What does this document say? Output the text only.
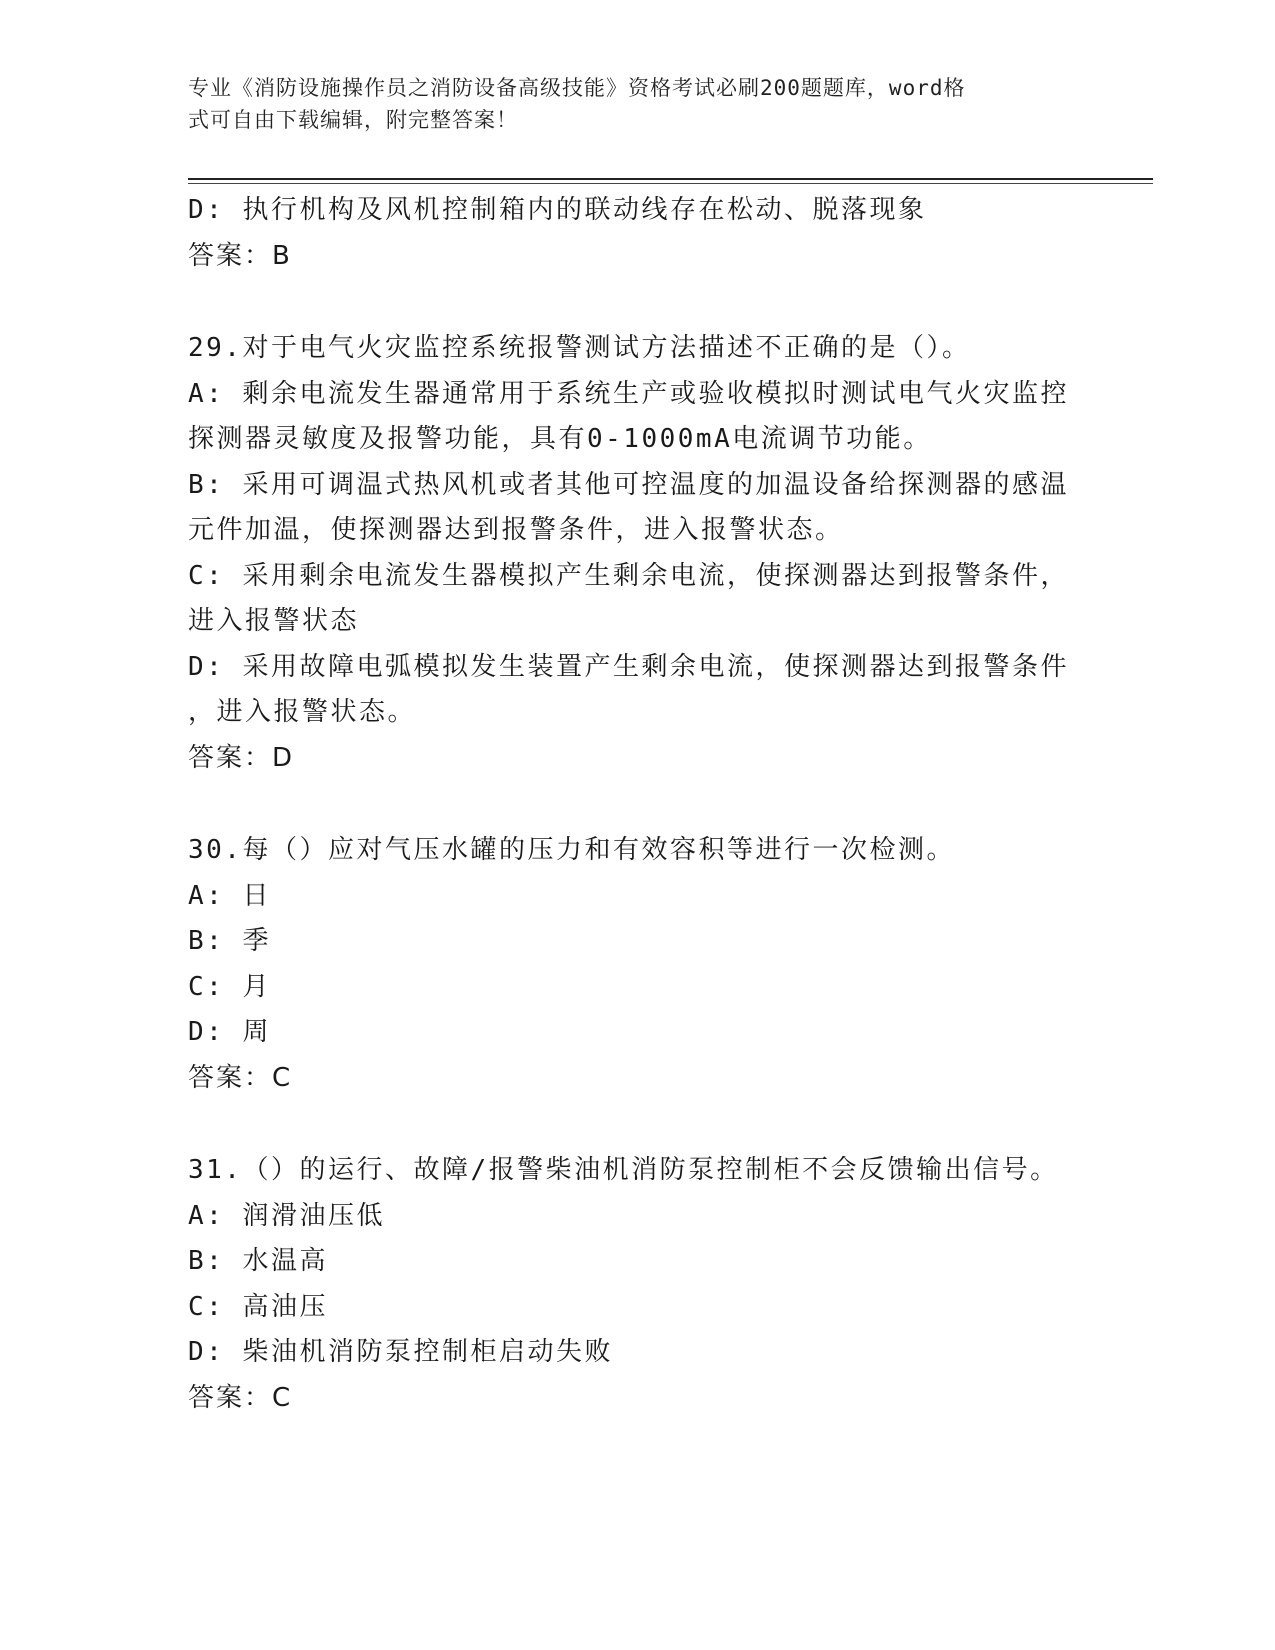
专业《消防设施操作员之消防设备高级技能》资格考试必刷200题题库，word格
式可自由下载编辑，附完整答案！

D: 执行机构及风机控制箱内的联动线存在松动、脱落现象

答案：B

29.对于电气火灾监控系统报警测试方法描述不正确的是（）。

A: 剩余电流发生器通常用于系统生产或验收模拟时测试电气火灾监控

探测器灵敏度及报警功能，具有0-1000mA电流调节功能。

B: 采用可调温式热风机或者其他可控温度的加温设备给探测器的感温

元件加温，使探测器达到报警条件，进入报警状态。

C: 采用剩余电流发生器模拟产生剩余电流，使探测器达到报警条件，

进入报警状态

D: 采用故障电弧模拟发生装置产生剩余电流，使探测器达到报警条件

，进入报警状态。

答案：D

30.每（）应对气压水罐的压力和有效容积等进行一次检测。

A: 日

B: 季

C: 月

D: 周

答案：C

31.（）的运行、故障/报警柴油机消防泵控制柜不会反馈输出信号。

A: 润滑油压低

B: 水温高

C: 高油压

D: 柴油机消防泵控制柜启动失败

答案：C
